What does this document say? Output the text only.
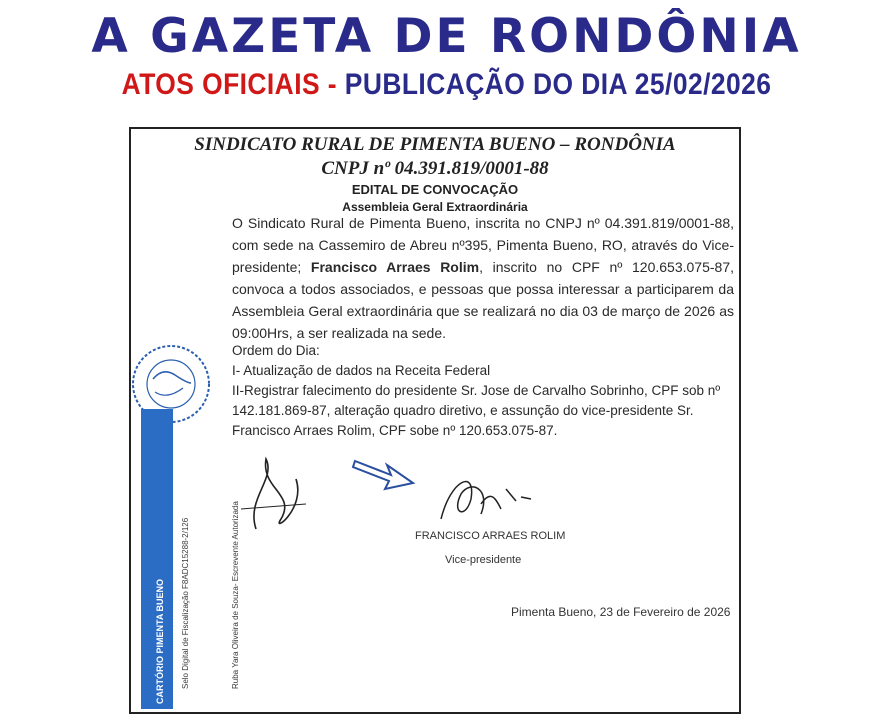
A GAZETA DE RONDÔNIA
ATOS OFICIAIS - PUBLICAÇÃO DO DIA 25/02/2026
SINDICATO RURAL DE PIMENTA BUENO – RONDÔNIA
CNPJ nº 04.391.819/0001-88
EDITAL DE CONVOCAÇÃO
Assembleia Geral Extraordinária
O Sindicato Rural de Pimenta Bueno, inscrita no CNPJ nº 04.391.819/0001-88, com sede na Cassemiro de Abreu nº395, Pimenta Bueno, RO, através do Vice-presidente; Francisco Arraes Rolim, inscrito no CPF nº 120.653.075-87, convoca a todos associados, e pessoas que possa interessar a participarem da Assembleia Geral extraordinária que se realizará no dia 03 de março de 2026 as 09:00Hrs, a ser realizada na sede.

Ordem do Dia:

I- Atualização de dados na Receita Federal

II-Registrar falecimento do presidente Sr. Jose de Carvalho Sobrinho, CPF sob nº 142.181.869-87, alteração quadro diretivo, e assunção do vice-presidente Sr. Francisco Arraes Rolim, CPF sobe nº 120.653.075-87.

CARTÓRIO PIMENTA BUENO Selo Digital de Fiscalização F8ADC15288-2/126	Ruba Yara Oliveira de Souza- Escrevente Autorizada	FRANCISCO ARRAES ROLIM
Vice-presidente
Pimenta Bueno, 23 de Fevereiro de 2026
